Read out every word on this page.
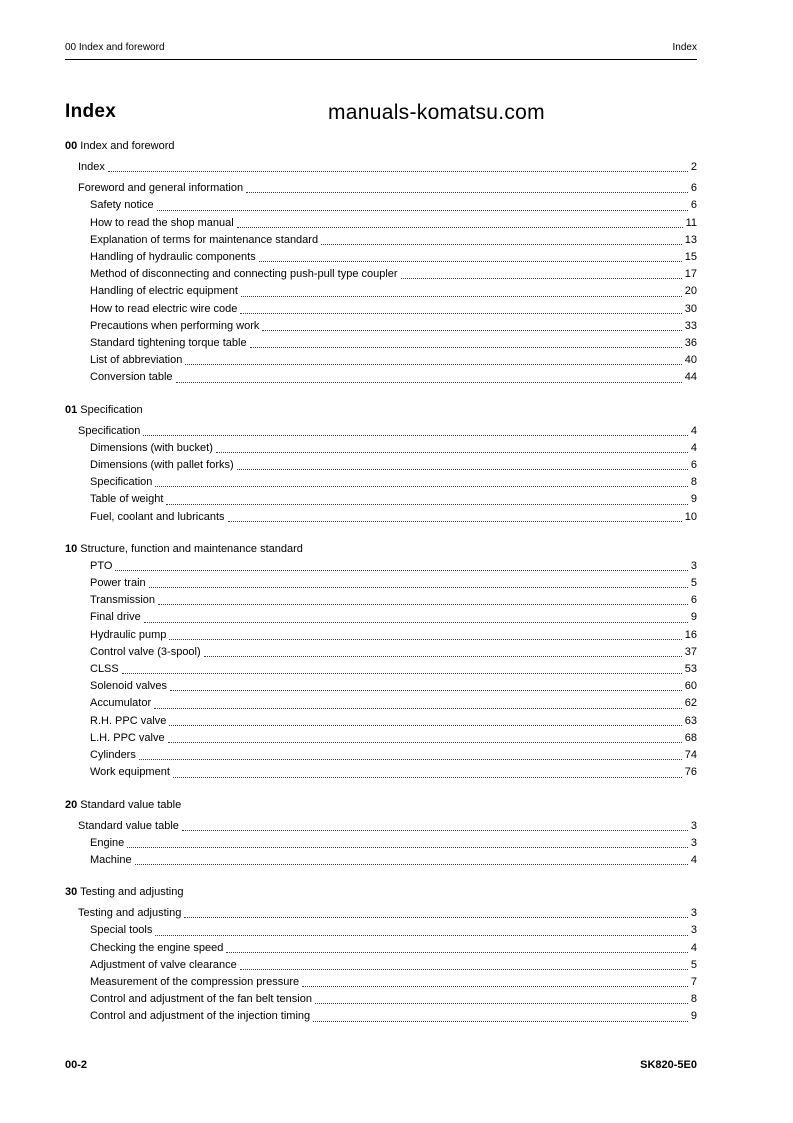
00 Index and foreword	Index
Index	manuals-komatsu.com
00 Index and foreword
Index	2
Foreword and general information	6
Safety notice	6
How to read the shop manual	11
Explanation of terms for maintenance standard	13
Handling of hydraulic components	15
Method of disconnecting and connecting push-pull type coupler	17
Handling of electric equipment	20
How to read electric wire code	30
Precautions when performing work	33
Standard tightening torque table	36
List of abbreviation	40
Conversion table	44
01 Specification
Specification	4
Dimensions (with bucket)	4
Dimensions (with pallet forks)	6
Specification	8
Table of weight	9
Fuel, coolant and lubricants	10
10 Structure, function and maintenance standard
PTO	3
Power train	5
Transmission	6
Final drive	9
Hydraulic pump	16
Control valve (3-spool)	37
CLSS	53
Solenoid valves	60
Accumulator	62
R.H. PPC valve	63
L.H. PPC valve	68
Cylinders	74
Work equipment	76
20 Standard value table
Standard value table	3
Engine	3
Machine	4
30 Testing and adjusting
Testing and adjusting	3
Special tools	3
Checking the engine speed	4
Adjustment of valve clearance	5
Measurement of the compression pressure	7
Control and adjustment of the fan belt tension	8
Control and adjustment of the injection timing	9
00-2	SK820-5E0
